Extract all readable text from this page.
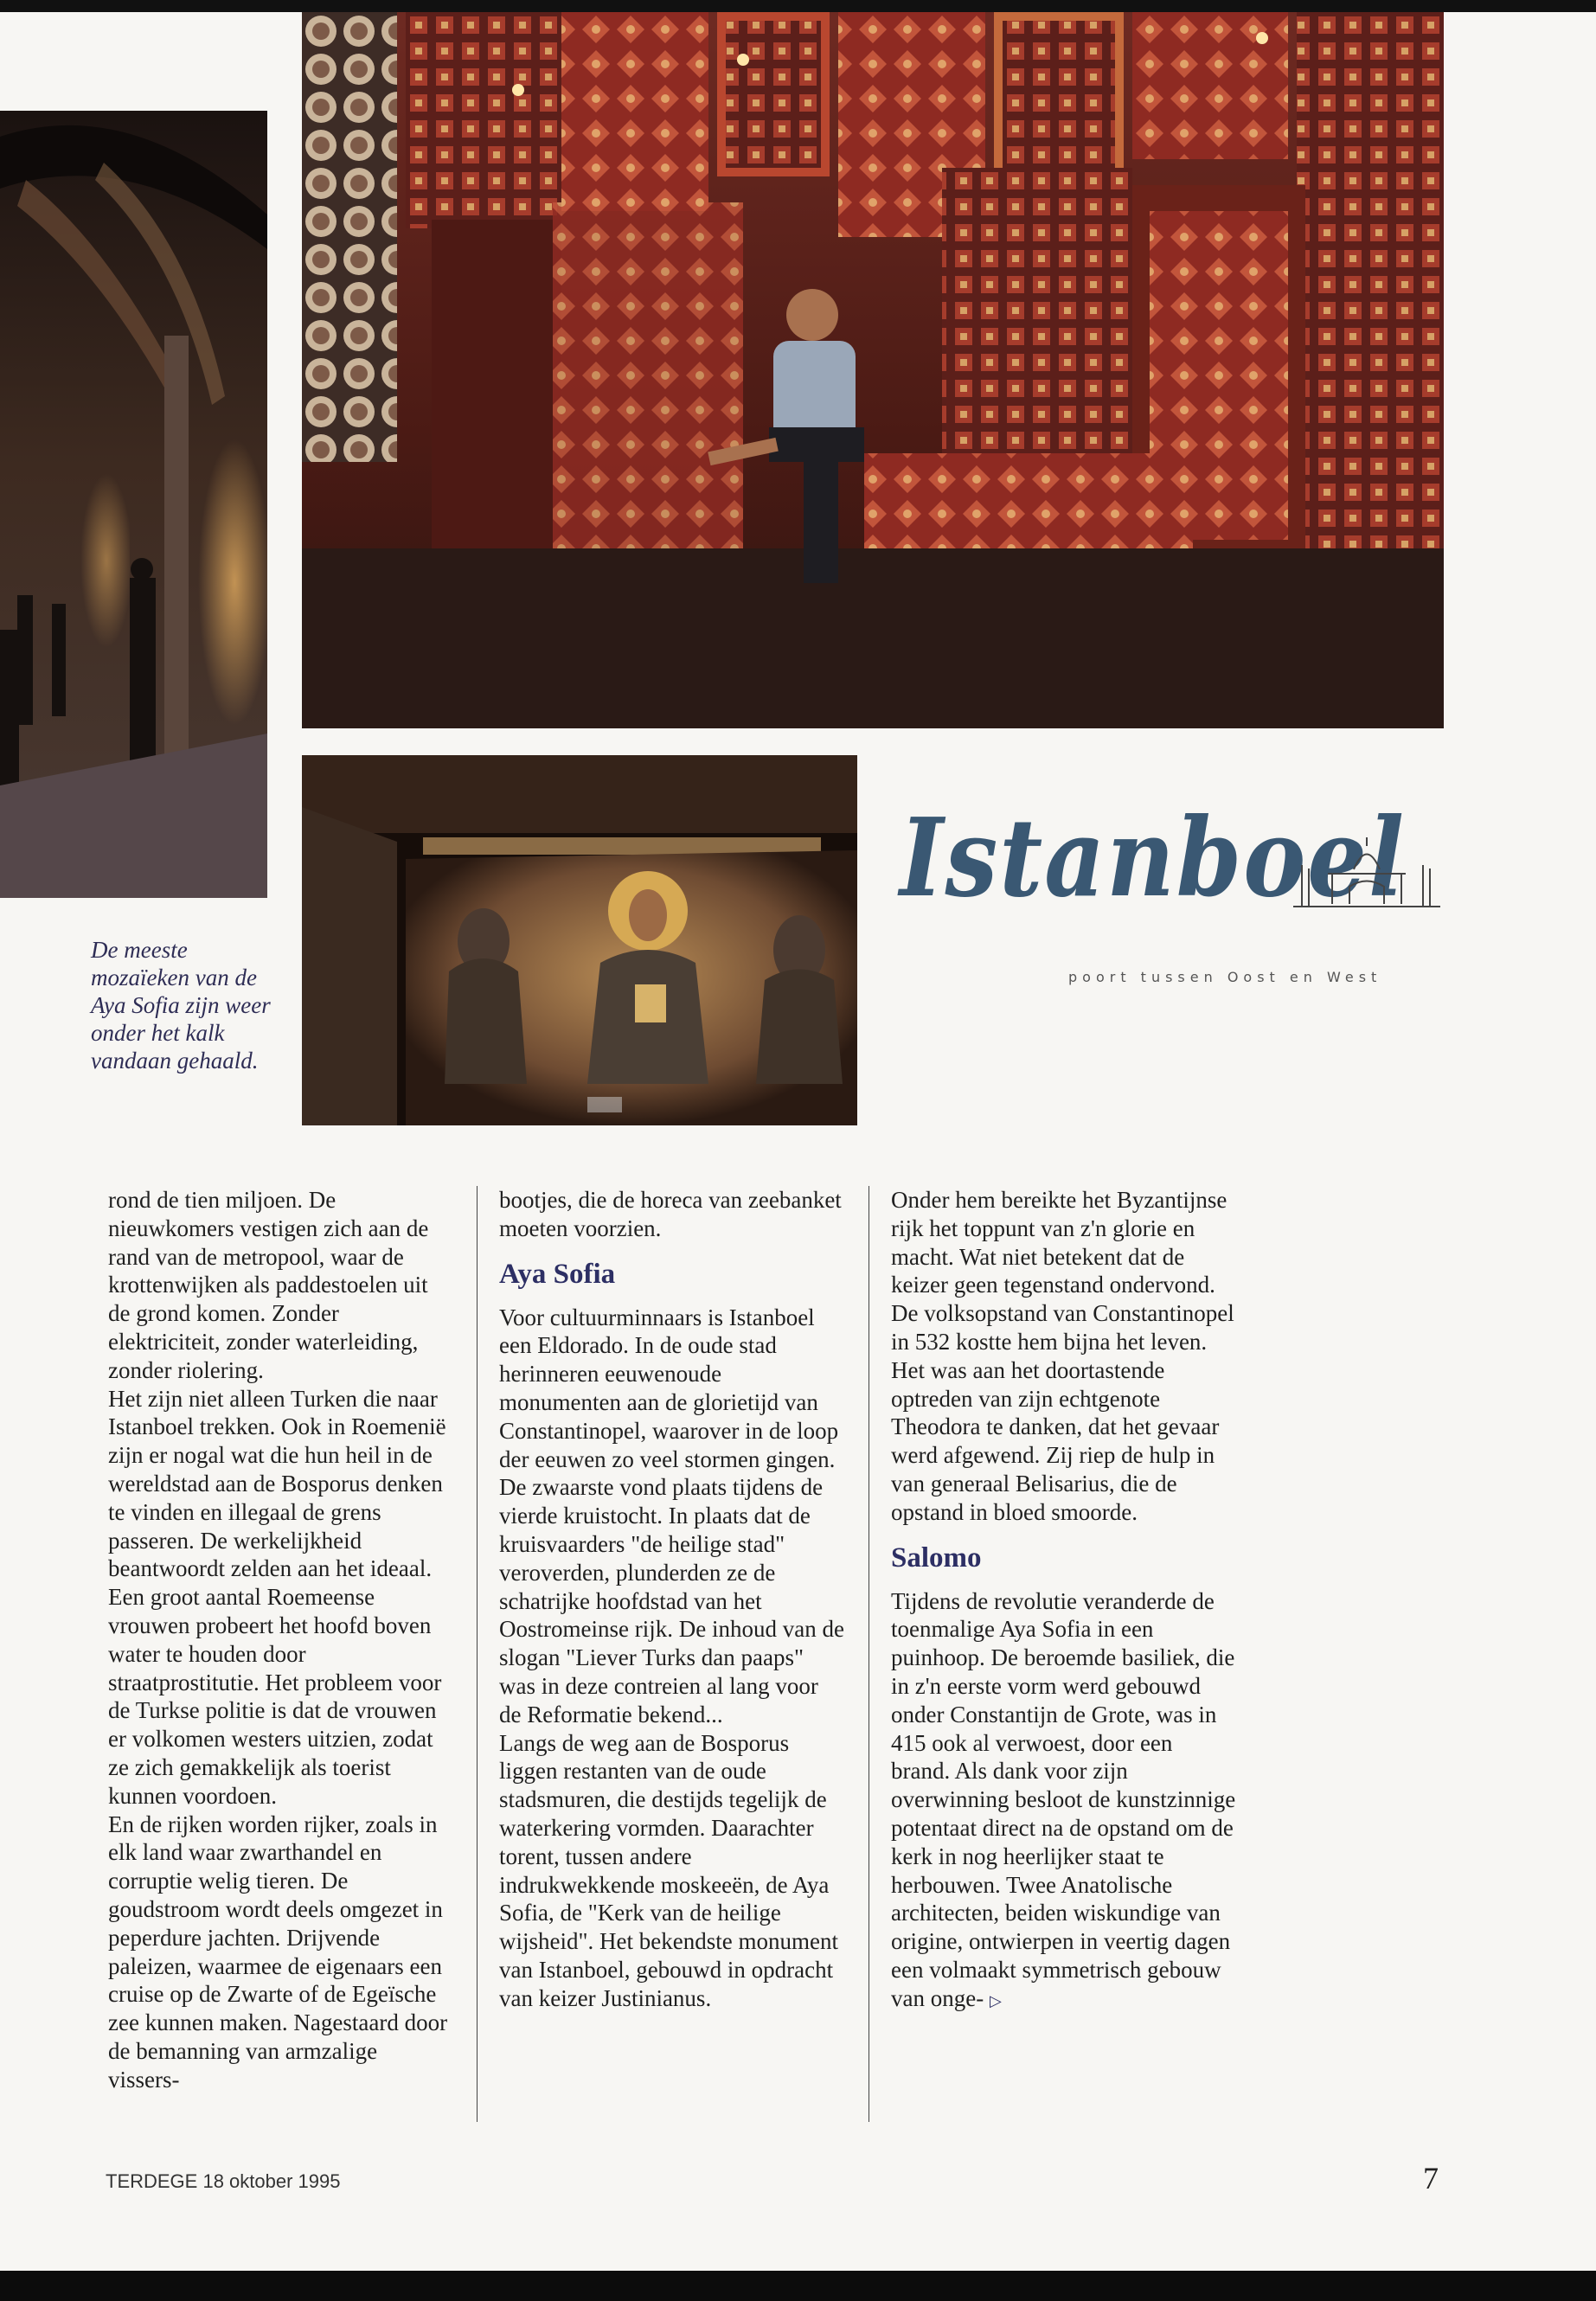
De meeste mozaïeken van de Aya Sofia zijn weer onder het kalk vandaan gehaald.
Istanboel
poort tussen Oost en West

rond de tien miljoen. De nieuwkomers vestigen zich aan de rand van de metropool, waar de krottenwijken als paddestoelen uit de grond komen. Zonder elektriciteit, zonder waterleiding, zonder riolering.

Het zijn niet alleen Turken die naar Istanboel trekken. Ook in Roemenië zijn er nogal wat die hun heil in de wereldstad aan de Bosporus denken te vinden en illegaal de grens passeren. De werkelijkheid beantwoordt zelden aan het ideaal. Een groot aantal Roemeense vrouwen probeert het hoofd boven water te houden door straatprostitutie. Het probleem voor de Turkse politie is dat de vrouwen er volkomen westers uitzien, zodat ze zich gemakkelijk als toerist kunnen voordoen.

En de rijken worden rijker, zoals in elk land waar zwarthandel en corruptie welig tieren. De goudstroom wordt deels omgezet in peperdure jachten. Drijvende paleizen, waarmee de eigenaars een cruise op de Zwarte of de Egeïsche zee kunnen maken. Nagestaard door de bemanning van armzalige vissers-

bootjes, die de horeca van zeebanket moeten voorzien.

Aya Sofia

Voor cultuurminnaars is Istanboel een Eldorado. In de oude stad herinneren eeuwenoude monumenten aan de glorietijd van Constantinopel, waarover in de loop der eeuwen zo veel stormen gingen. De zwaarste vond plaats tijdens de vierde kruistocht. In plaats dat de kruisvaarders "de heilige stad" veroverden, plunderden ze de schatrijke hoofdstad van het Oostromeinse rijk. De inhoud van de slogan "Liever Turks dan paaps" was in deze contreien al lang voor de Reformatie bekend...

Langs de weg aan de Bosporus liggen restanten van de oude stadsmuren, die destijds tegelijk de waterkering vormden. Daarachter torent, tussen andere indrukwekkende moskeeën, de Aya Sofia, de "Kerk van de heilige wijsheid". Het bekendste monument van Istanboel, gebouwd in opdracht van keizer Justinianus.

Onder hem bereikte het Byzantijnse rijk het toppunt van z'n glorie en macht. Wat niet betekent dat de keizer geen tegenstand ondervond. De volksopstand van Constantinopel in 532 kostte hem bijna het leven. Het was aan het doortastende optreden van zijn echtgenote Theodora te danken, dat het gevaar werd afgewend. Zij riep de hulp in van generaal Belisarius, die de opstand in bloed smoorde.

Salomo

Tijdens de revolutie veranderde de toenmalige Aya Sofia in een puinhoop. De beroemde basiliek, die in z'n eerste vorm werd gebouwd onder Constantijn de Grote, was in 415 ook al verwoest, door een brand. Als dank voor zijn overwinning besloot de kunstzinnige potentaat direct na de opstand om de kerk in nog heerlijker staat te herbouwen. Twee Anatolische architecten, beiden wiskundige van origine, ontwierpen in veertig dagen een volmaakt symmetrisch gebouw van onge- ▷

TERDEGE 18 oktober 1995	7
